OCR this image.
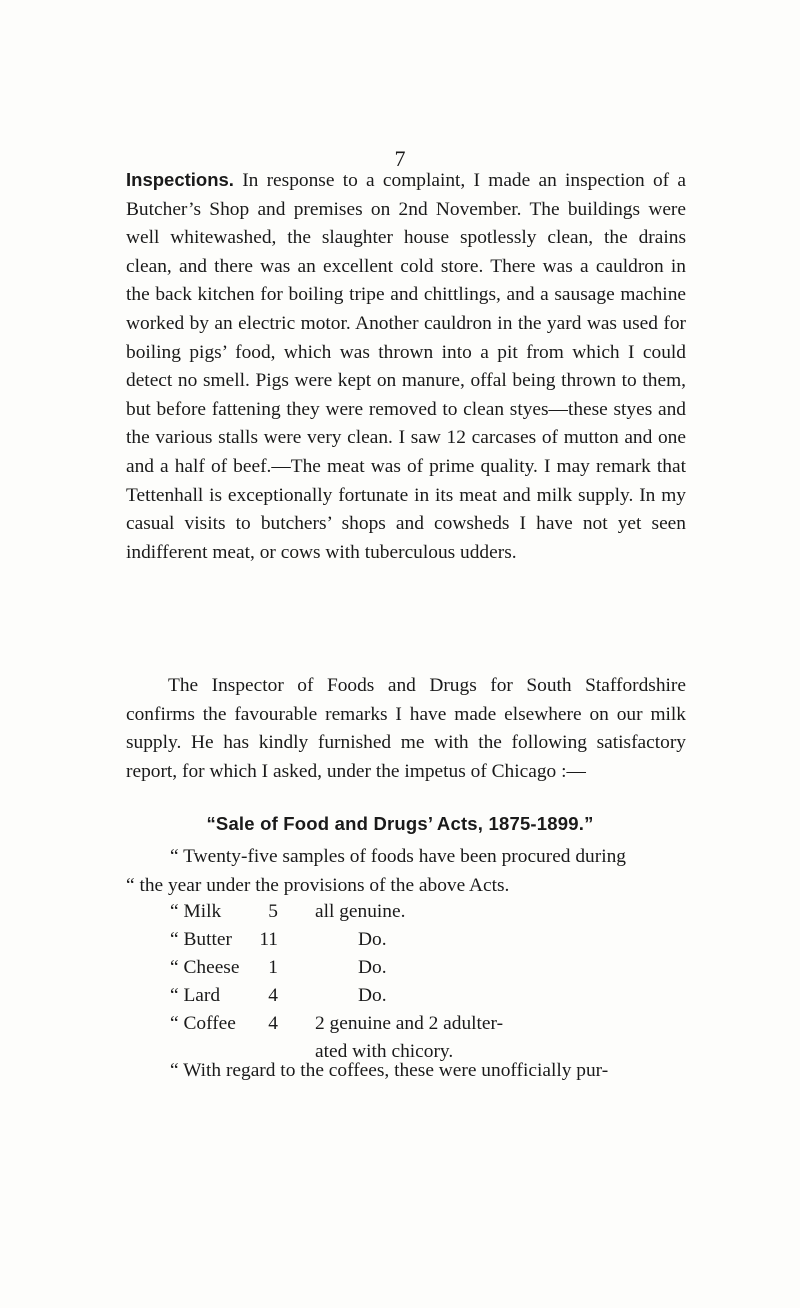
7
Inspections. In response to a complaint, I made an inspection of a Butcher’s Shop and premises on 2nd November. The buildings were well whitewashed, the slaughter house spotlessly clean, the drains clean, and there was an excellent cold store. There was a cauldron in the back kitchen for boiling tripe and chittlings, and a sausage machine worked by an electric motor. Another cauldron in the yard was used for boiling pigs’ food, which was thrown into a pit from which I could detect no smell. Pigs were kept on manure, offal being thrown to them, but before fattening they were removed to clean styes—these styes and the various stalls were very clean. I saw 12 carcases of mutton and one and a half of beef.—The meat was of prime quality. I may remark that Tettenhall is exceptionally fortunate in its meat and milk supply. In my casual visits to butchers’ shops and cowsheds I have not yet seen indifferent meat, or cows with tuberculous udders.
The Inspector of Foods and Drugs for South Staffordshire confirms the favourable remarks I have made elsewhere on our milk supply. He has kindly furnished me with the following satisfactory report, for which I asked, under the impetus of Chicago :—
“Sale of Food and Drugs’ Acts, 1875-1899.”
“ Twenty-five samples of foods have been procured during
“ the year under the provisions of the above Acts.
“ Milk	5 all genuine.
“ Butter 11	Do.
“ Cheese	1	Do.
“ Lard	4	Do.
“ Coffee	4 2 genuine and 2 adulter-
ated with chicory.
“ With regard to the coffees, these were unofficially pur-
